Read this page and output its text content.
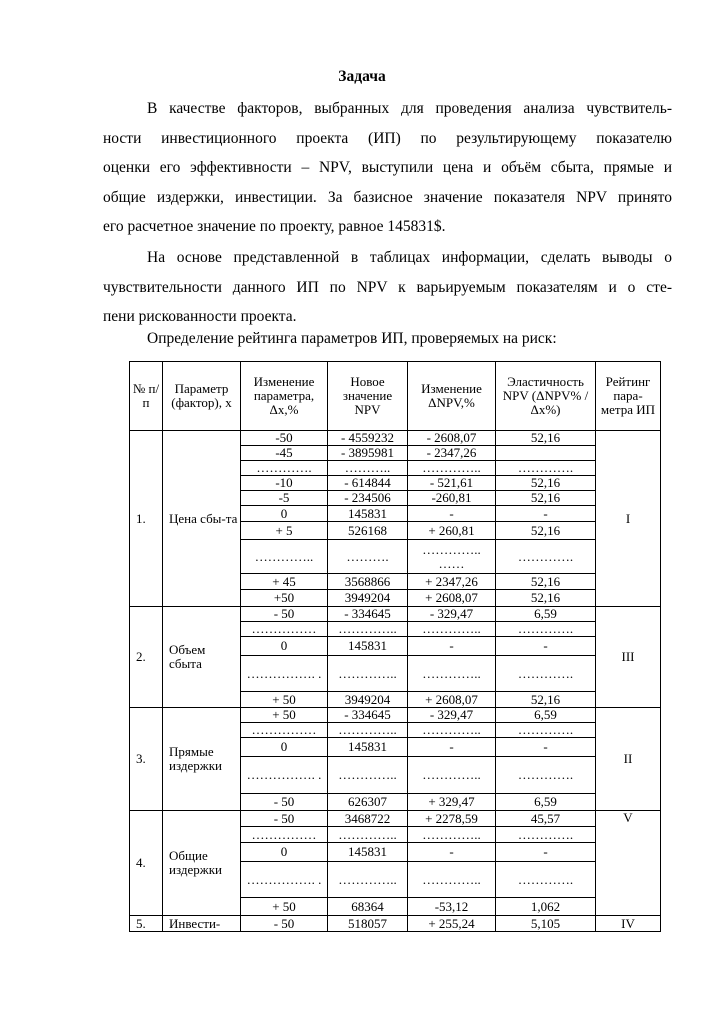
Задача
В качестве факторов, выбранных для проведения анализа чувствитель-
ности инвестиционного проекта (ИП) по результирующему показателю
оценки его эффективности – NPV, выступили цена и объём сбыта, прямые и
общие издержки, инвестиции. За базисное значение показателя NPV принято
его расчетное значение по проекту, равное 145831$.
На основе представленной в таблицах информации, сделать выводы о
чувствительности данного ИП по NPV к варьируемым показателям и о сте-
пени рискованности проекта.
Определение рейтинга параметров ИП, проверяемых на риск:
№ п/п	Параметр (фактор), х	Изменение параметра, Δх,%	Новое значение NPV	Изменение ΔNPV,%	Эластичность NPV (ΔNPV% / Δх%)	Рейтинг пара-метра ИП
1.	Цена сбы-та	-50	- 4559232	- 2608,07	52,16	I
		-45	- 3895981	- 2347,26		
		………….	………..	…………..	………….	
		-10	- 614844	- 521,61	52,16	
		-5	- 234506	-260,81	52,16	
		0	145831	-	-	
		+ 5	526168	+ 260,81	52,16	
		…………..	……….	………….. ……	………….	
		+ 45	3568866	+ 2347,26	52,16	
		+50	3949204	+ 2608,07	52,16	
2.	Объем сбыта	- 50	- 334645	- 329,47	6,59	III
		……………	…………..	…………..	………….	
		0	145831	-	-	
		……………. .	…………..	…………..	………….	
		+ 50	3949204	+ 2608,07	52,16	
3.	Прямые издержки	+ 50	- 334645	- 329,47	6,59	II
		……………	…………..	…………..	………….	
		0	145831	-	-	
		……………. .	…………..	…………..	………….	
		- 50	626307	+ 329,47	6,59	
4.	Общие издержки	- 50	3468722	+ 2278,59	45,57	V
		……………	…………..	…………..	………….	
		0	145831	-	-	
		……………. .	…………..	…………..	………….	
		+ 50	68364	-53,12	1,062	
5.	Инвести-	- 50	518057	+ 255,24	5,105	IV
